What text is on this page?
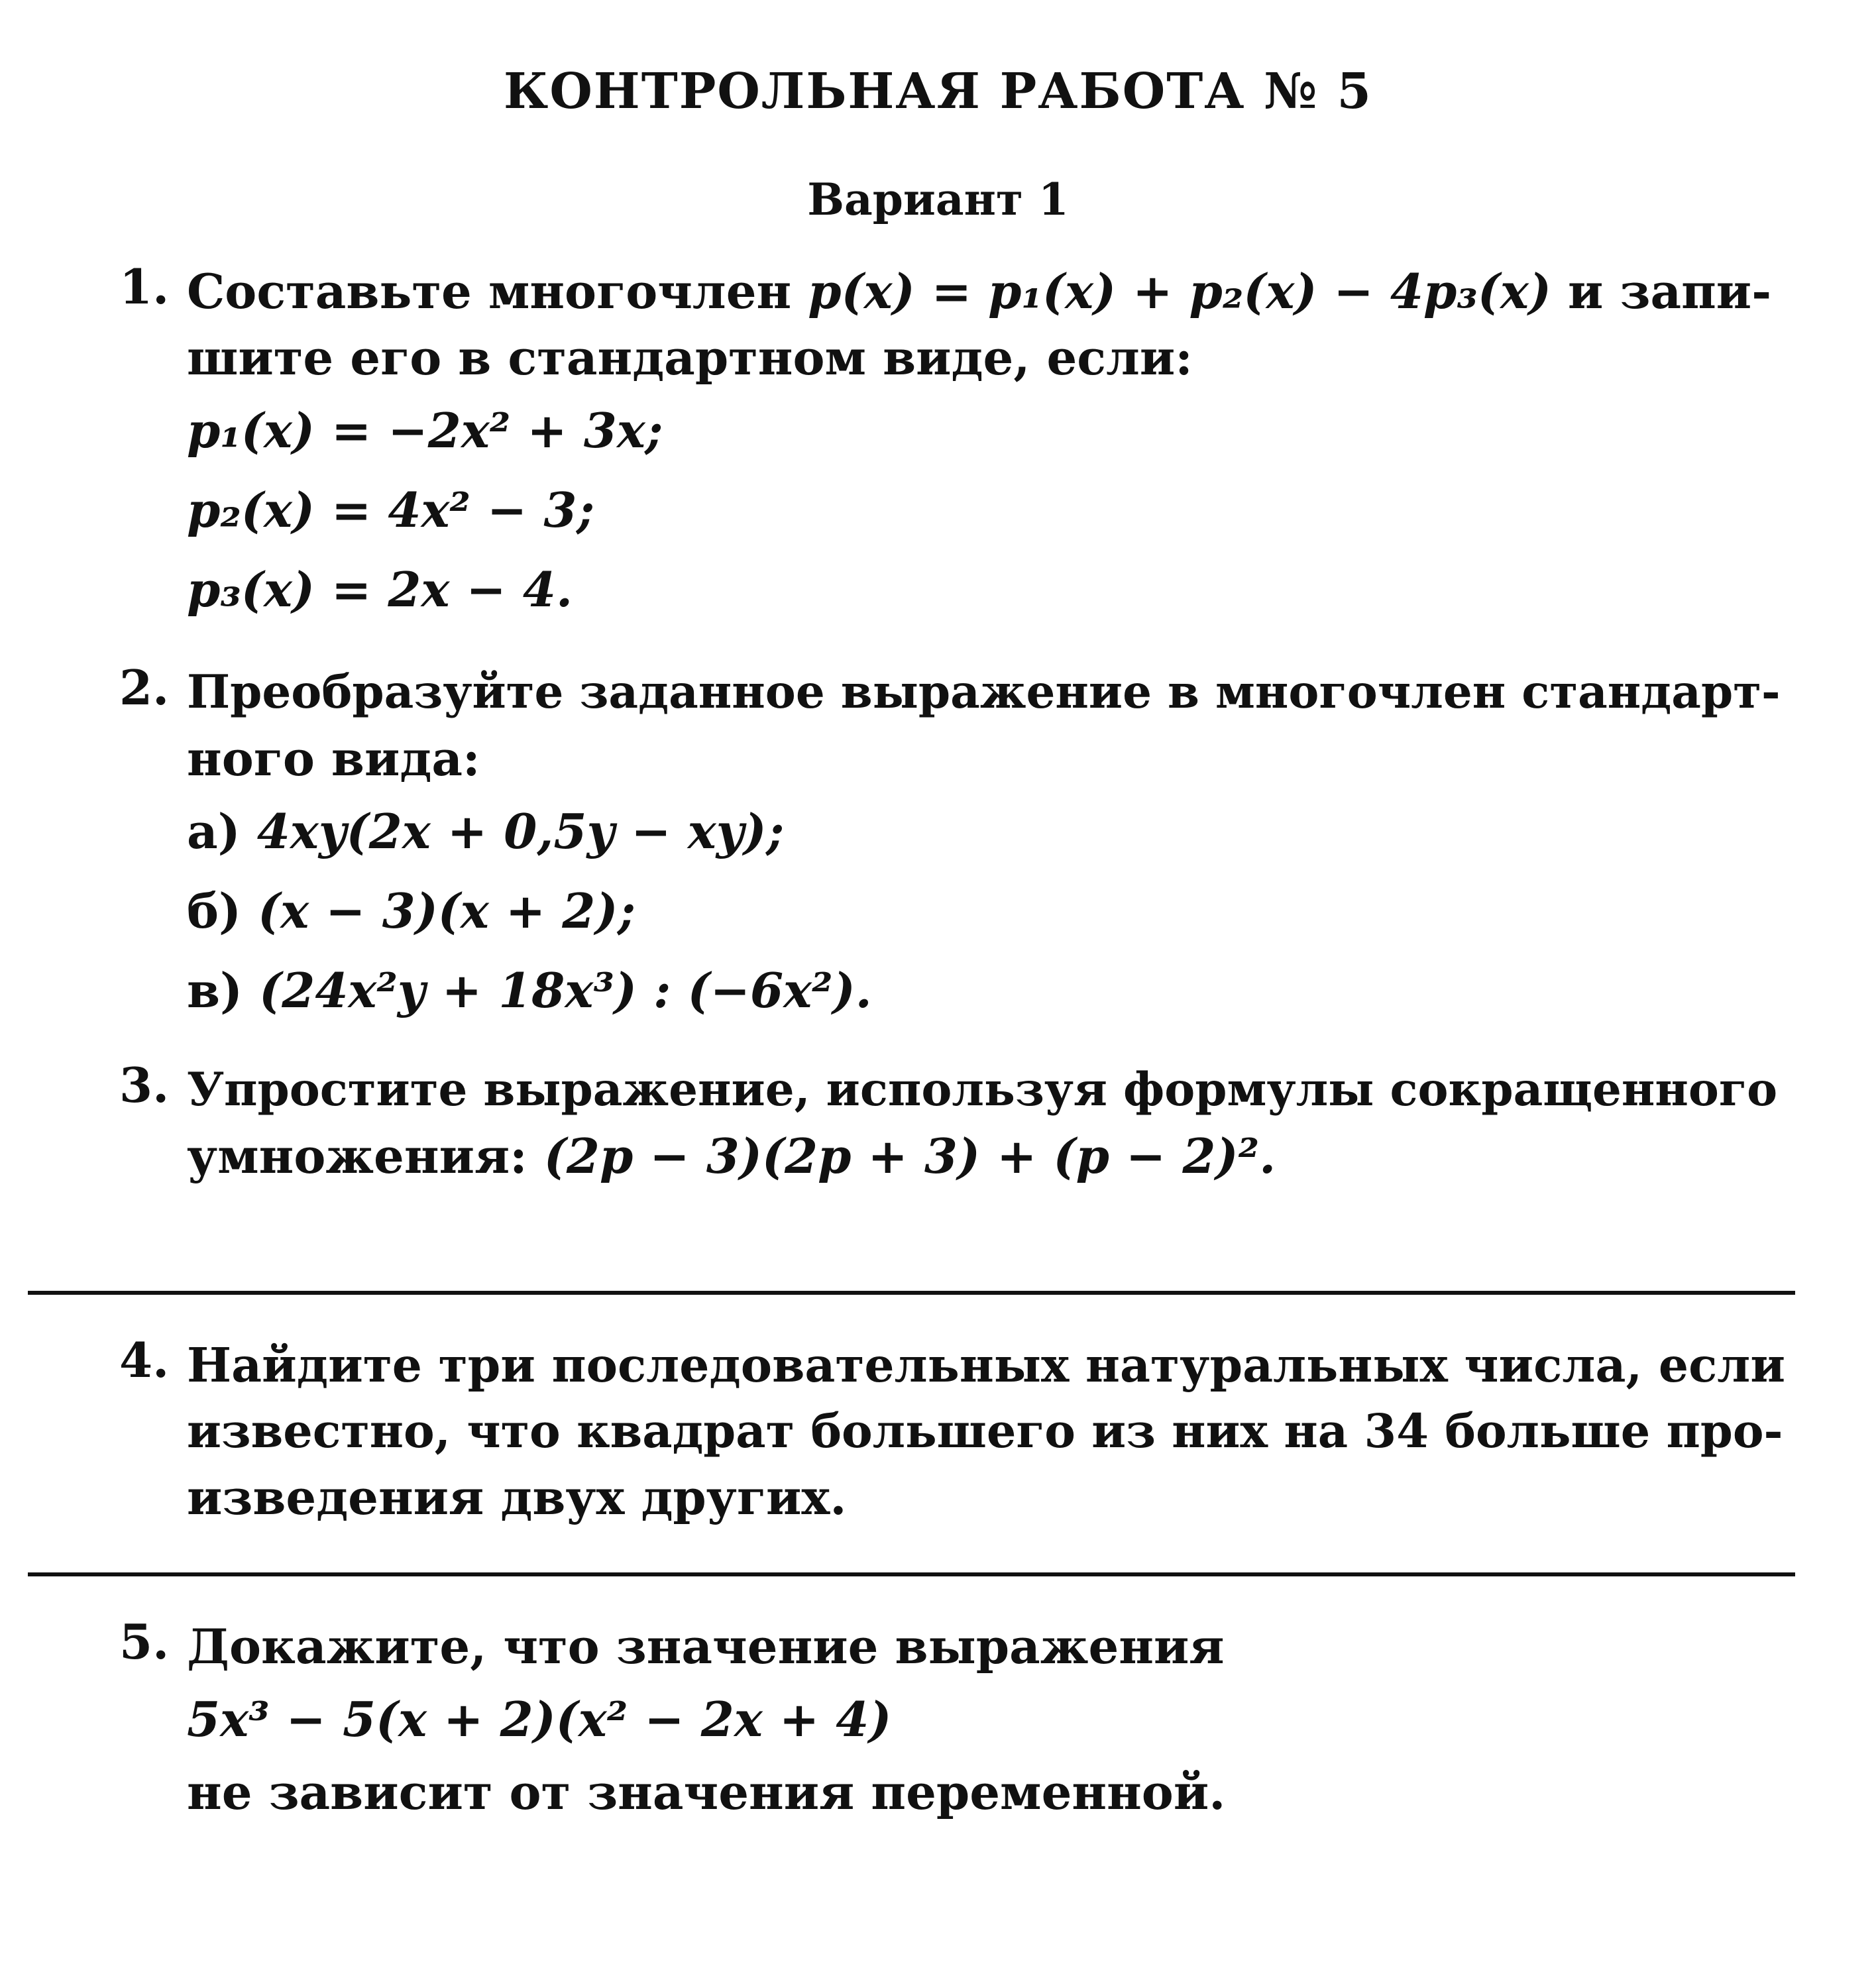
КОНТРОЛЬНАЯ РАБОТА № 5
Вариант 1
1. Составьте многочлен p(x) = p₁(x) + p₂(x) − 4p₃(x) и запи-
шите его в стандартном виде, если:
p₁(x) = −2x² + 3x;
p₂(x) = 4x² − 3;
p₃(x) = 2x − 4.
2. Преобразуйте заданное выражение в многочлен стандарт-
ного вида:
а) 4xy(2x + 0,5y − xy);
б) (x − 3)(x + 2);
в) (24x²y + 18x³) : (−6x²).
3. Упростите выражение, используя формулы сокращенного
умножения: (2p − 3)(2p + 3) + (p − 2)².
4. Найдите три последовательных натуральных числа, если
известно, что квадрат большего из них на 34 больше про-
изведения двух других.
5. Докажите, что значение выражения
5x³ − 5(x + 2)(x² − 2x + 4)
не зависит от значения переменной.
